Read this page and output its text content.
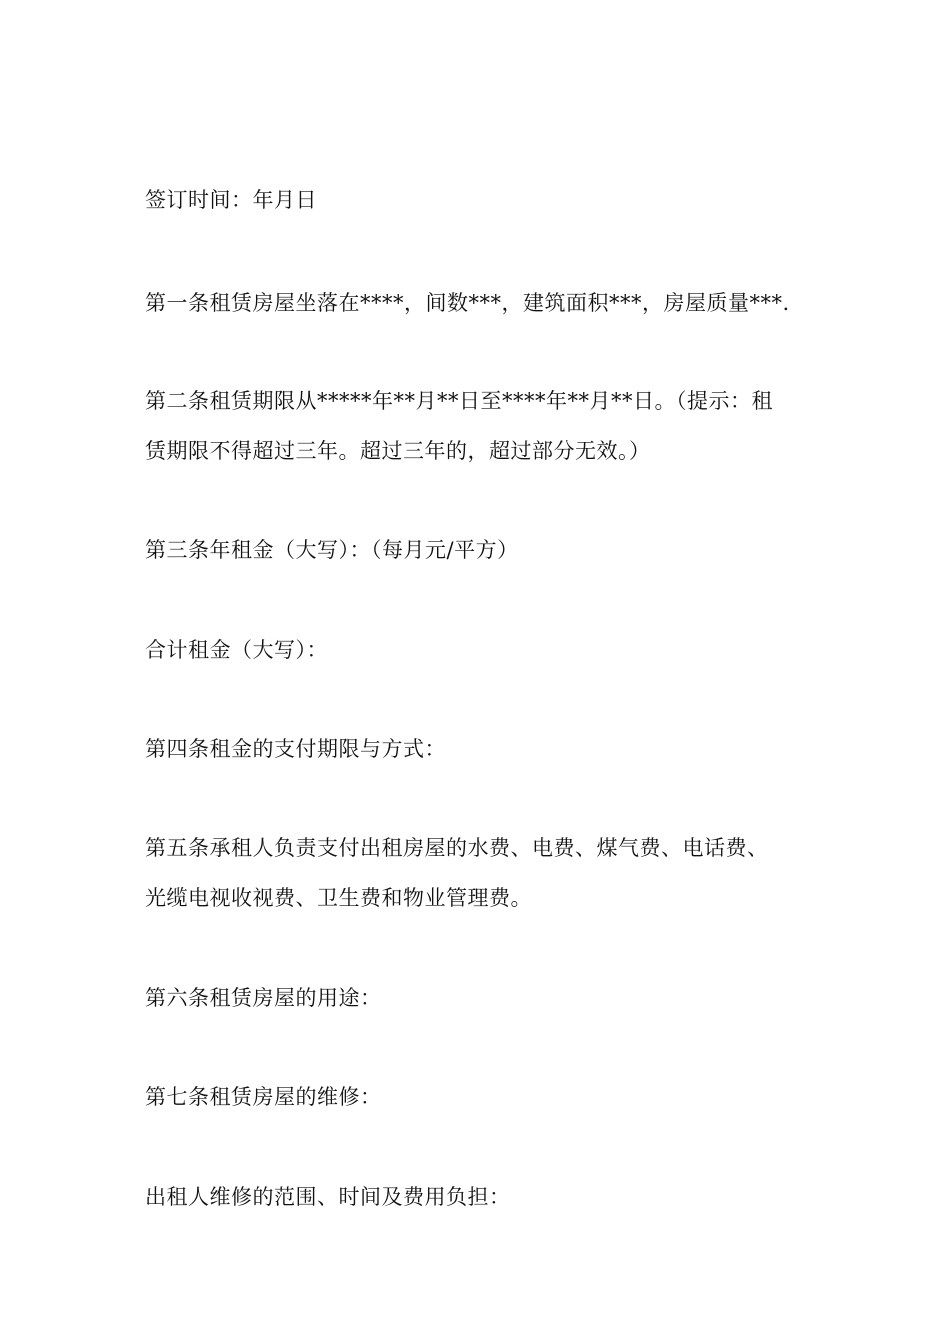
签订时间：年月日
第一条租赁房屋坐落在****，间数***，建筑面积***，房屋质量***.
第二条租赁期限从*****年**月**日至****年**月**日。（提示：租
赁期限不得超过三年。超过三年的，超过部分无效。）
第三条年租金（大写）：（每月元/平方）
合计租金（大写）：
第四条租金的支付期限与方式：
第五条承租人负责支付出租房屋的水费、电费、煤气费、电话费、
光缆电视收视费、卫生费和物业管理费。
第六条租赁房屋的用途：
第七条租赁房屋的维修：
出租人维修的范围、时间及费用负担：
